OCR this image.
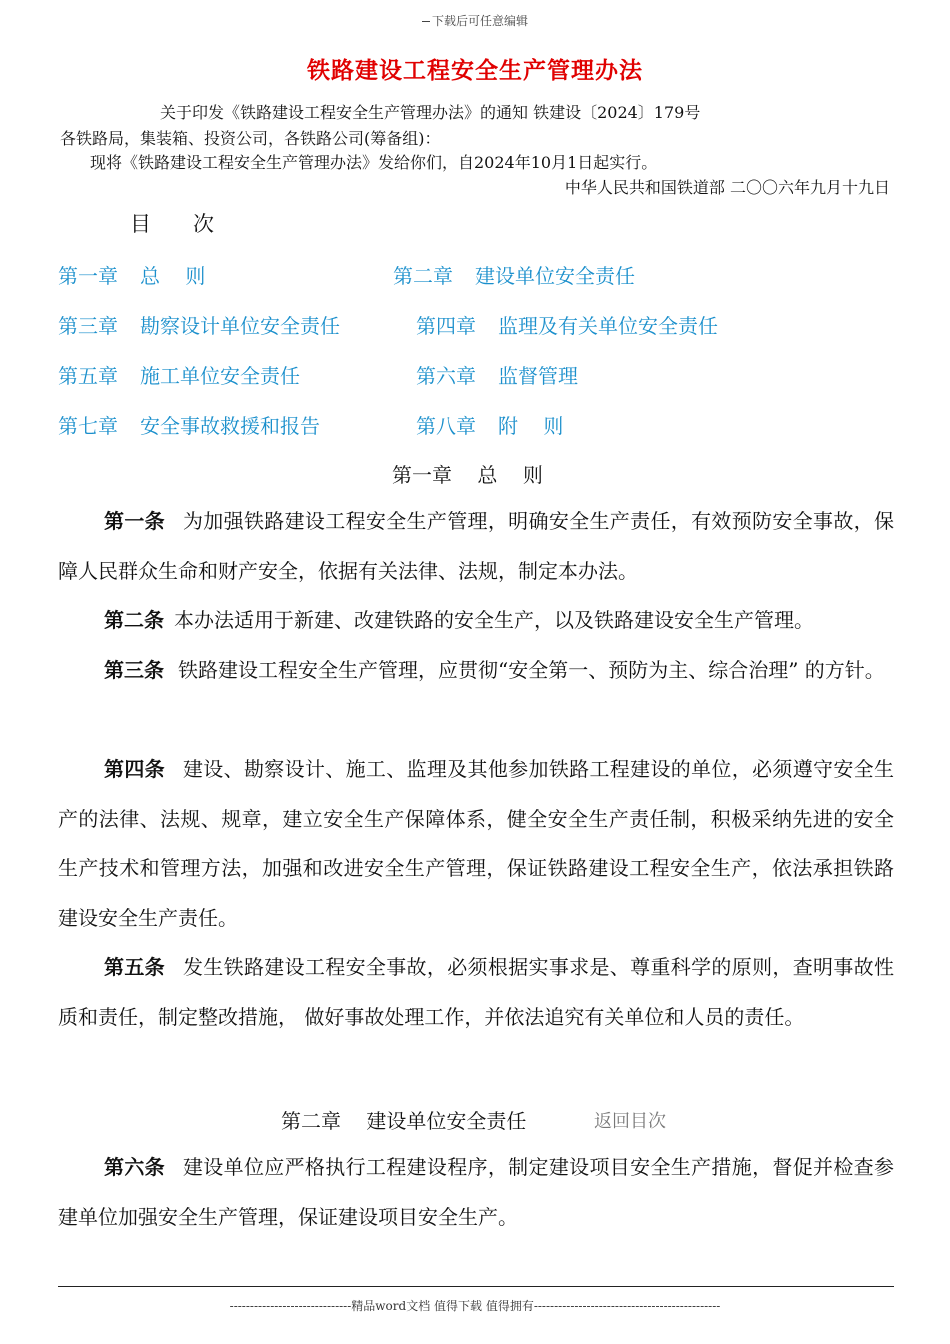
下载后可任意编辑
铁路建设工程安全生产管理办法
关于印发《铁路建设工程安全生产管理办法》的通知 铁建设〔2024〕179号
各铁路局，集装箱、投资公司，各铁路公司(筹备组)：
现将《铁路建设工程安全生产管理办法》发给你们，自2024年10月1日起实行。
中华人民共和国铁道部 二〇〇六年九月十九日
目 次
第一章 总    则	第二章 建设单位安全责任
第三章 勘察设计单位安全责任	第四章 监理及有关单位安全责任
第五章 施工单位安全责任	第六章 监督管理
第七章 安全事故救援和报告	第八章 附    则
第一章    总    则
第一条 为加强铁路建设工程安全生产管理，明确安全生产责任，有效预防安全事故，保障人民群众生命和财产安全，依据有关法律、法规，制定本办法。
第二条 本办法适用于新建、改建铁路的安全生产，以及铁路建设安全生产管理。
第三条 铁路建设工程安全生产管理，应贯彻“安全第一、预防为主、综合治理” 的方针。
第四条 建设、勘察设计、施工、监理及其他参加铁路工程建设的单位，必须遵守安全生产的法律、法规、规章，建立安全生产保障体系，健全安全生产责任制，积极采纳先进的安全生产技术和管理方法，加强和改进安全生产管理，保证铁路建设工程安全生产，依法承担铁路建设安全生产责任。
第五条 发生铁路建设工程安全事故，必须根据实事求是、尊重科学的原则，查明事故性质和责任，制定整改措施， 做好事故处理工作，并依法追究有关单位和人员的责任。
第二章    建设单位安全责任	返回目次
第六条 建设单位应严格执行工程建设程序，制定建设项目安全生产措施，督促并检查参建单位加强安全生产管理，保证建设项目安全生产。
------------------------------精品word文档 值得下载 值得拥有----------------------------------------------
